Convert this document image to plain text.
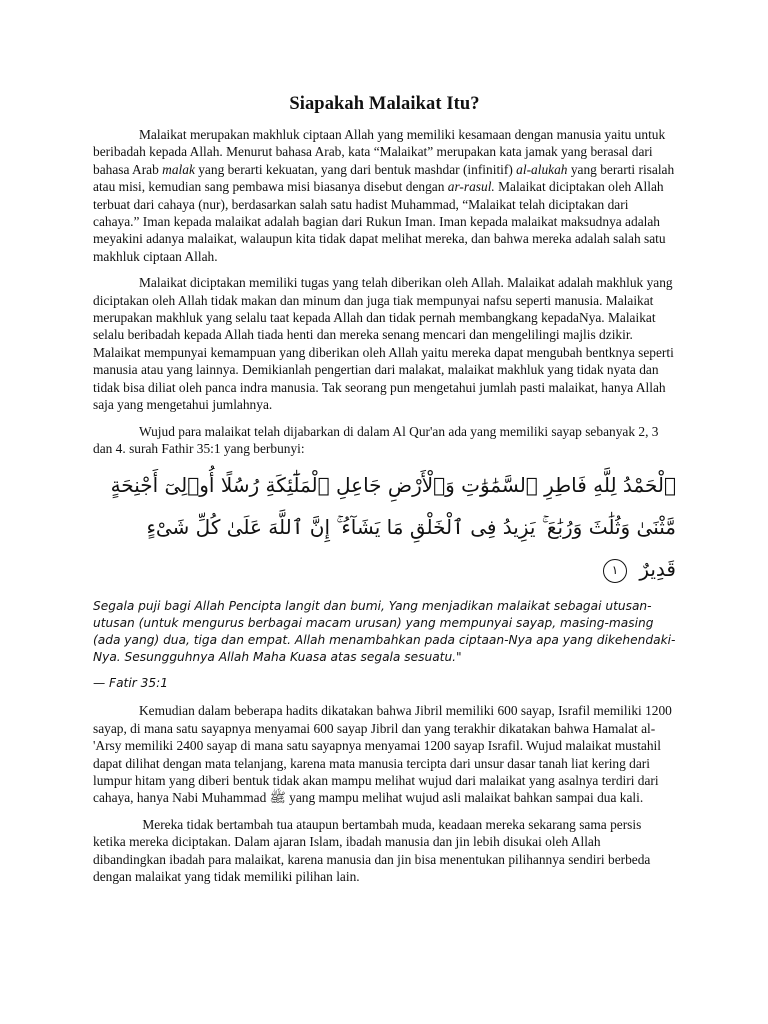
Siapakah Malaikat Itu?

Malaikat merupakan makhluk ciptaan Allah yang memiliki kesamaan dengan manusia yaitu untuk beribadah kepada Allah. Menurut bahasa Arab, kata “Malaikat” merupakan kata jamak yang berasal dari bahasa Arab malak yang berarti kekuatan, yang dari bentuk mashdar (infinitif) al-alukah yang berarti risalah atau misi, kemudian sang pembawa misi biasanya disebut dengan ar-rasul. Malaikat diciptakan oleh Allah terbuat dari cahaya (nur), berdasarkan salah satu hadist Muhammad, “Malaikat telah diciptakan dari cahaya.” Iman kepada malaikat adalah bagian dari Rukun Iman. Iman kepada malaikat maksudnya adalah meyakini adanya malaikat, walaupun kita tidak dapat melihat mereka, dan bahwa mereka adalah salah satu makhluk ciptaan Allah.

Malaikat diciptakan memiliki tugas yang telah diberikan oleh Allah. Malaikat adalah makhluk yang diciptakan oleh Allah tidak makan dan minum dan juga tiak mempunyai nafsu seperti manusia. Malaikat merupakan makhluk yang selalu taat kepada Allah dan tidak pernah membangkang kepadaNya. Malaikat selalu beribadah kepada Allah tiada henti dan mereka senang mencari dan mengelilingi majlis dzikir. Malaikat mempunyai kemampuan yang diberikan oleh Allah yaitu mereka dapat mengubah bentknya seperti manusia atau yang lainnya. Demikianlah pengertian dari malakat, malaikat makhluk yang tidak nyata dan tidak bisa diliat oleh panca indra manusia. Tak seorang pun mengetahui jumlah pasti malaikat, hanya Allah saja yang mengetahui jumlahnya.

Wujud para malaikat telah dijabarkan di dalam Al Qur'an ada yang memiliki sayap sebanyak 2, 3 dan 4. surah Fathir 35:1 yang berbunyi:

ٱلْحَمْدُ لِلَّهِ فَاطِرِ ٱلسَّمَٰوَٰتِ وَٱلْأَرْضِ جَاعِلِ ٱلْمَلَٰٓئِكَةِ رُسُلًا أُو۟لِىٓ أَجْنِحَةٍ
مَّثْنَىٰ وَثُلَٰثَ وَرُبَٰعَ ۚ يَزِيدُ فِى ٱلْخَلْقِ مَا يَشَآءُ ۚ إِنَّ ٱللَّهَ عَلَىٰ كُلِّ شَىْءٍ
قَدِيرٌ ١

Segala puji bagi Allah Pencipta langit dan bumi, Yang menjadikan malaikat sebagai utusan-utusan (untuk mengurus berbagai macam urusan) yang mempunyai sayap, masing-masing (ada yang) dua, tiga dan empat. Allah menambahkan pada ciptaan-Nya apa yang dikehendaki-Nya. Sesungguhnya Allah Maha Kuasa atas segala sesuatu."

— Fatir 35:1

Kemudian dalam beberapa hadits dikatakan bahwa Jibril memiliki 600 sayap, Israfil memiliki 1200 sayap, di mana satu sayapnya menyamai 600 sayap Jibril dan yang terakhir dikatakan bahwa Hamalat al-'Arsy memiliki 2400 sayap di mana satu sayapnya menyamai 1200 sayap Israfil. Wujud malaikat mustahil dapat dilihat dengan mata telanjang, karena mata manusia tercipta dari unsur dasar tanah liat kering dari lumpur hitam yang diberi bentuk tidak akan mampu melihat wujud dari malaikat yang asalnya terdiri dari cahaya, hanya Nabi Muhammad ﷺ yang mampu melihat wujud asli malaikat bahkan sampai dua kali.

Mereka tidak bertambah tua ataupun bertambah muda, keadaan mereka sekarang sama persis ketika mereka diciptakan. Dalam ajaran Islam, ibadah manusia dan jin lebih disukai oleh Allah dibandingkan ibadah para malaikat, karena manusia dan jin bisa menentukan pilihannya sendiri berbeda dengan malaikat yang tidak memiliki pilihan lain.
